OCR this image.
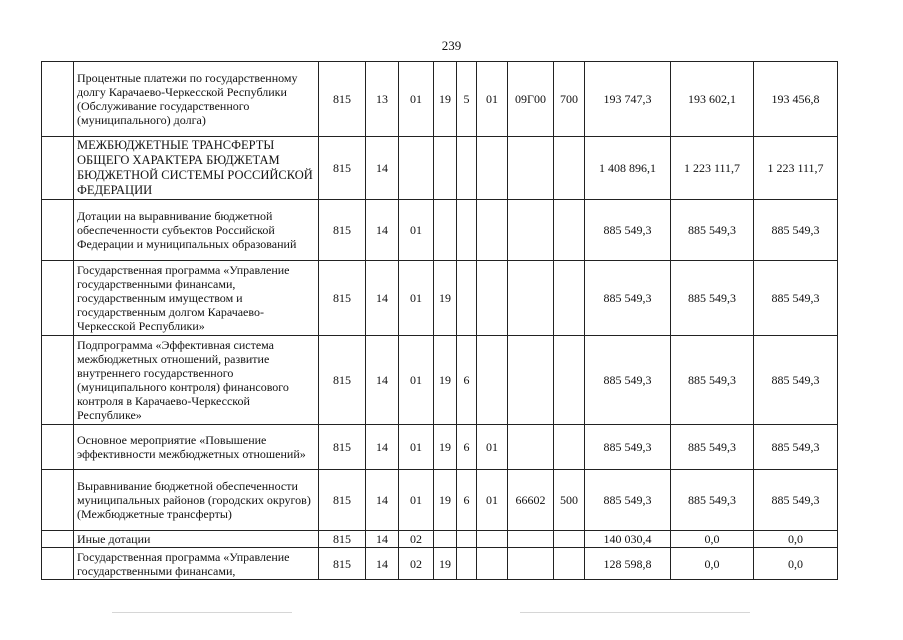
239
	Процентные платежи по государственному долгу Карачаево-Черкесской Республики (Обслуживание государственного (муниципального) долга)	815	13	01	19	5	01	09Г00	700	193 747,3	193 602,1	193 456,8
	МЕЖБЮДЖЕТНЫЕ ТРАНСФЕРТЫ ОБЩЕГО ХАРАКТЕРА БЮДЖЕТАМ БЮДЖЕТНОЙ СИСТЕМЫ РОССИЙСКОЙ ФЕДЕРАЦИИ	815	14							1 408 896,1	1 223 111,7	1 223 111,7
	Дотации на выравнивание бюджетной обеспеченности субъектов Российской Федерации и муниципальных образований	815	14	01						885 549,3	885 549,3	885 549,3
	Государственная программа «Управление государственными финансами, государственным имуществом и государственным долгом Карачаево-Черкесской Республики»	815	14	01	19					885 549,3	885 549,3	885 549,3
	Подпрограмма «Эффективная система межбюджетных отношений, развитие внутреннего государственного (муниципального контроля) финансового контроля в Карачаево-Черкесской Республике»	815	14	01	19	6				885 549,3	885 549,3	885 549,3
	Основное мероприятие «Повышение эффективности межбюджетных отношений»	815	14	01	19	6	01			885 549,3	885 549,3	885 549,3
	Выравнивание бюджетной обеспеченности муниципальных районов (городских округов) (Межбюджетные трансферты)	815	14	01	19	6	01	66602	500	885 549,3	885 549,3	885 549,3
	Иные дотации	815	14	02						140 030,4	0,0	0,0
	Государственная программа «Управление государственными финансами,	815	14	02	19					128 598,8	0,0	0,0
